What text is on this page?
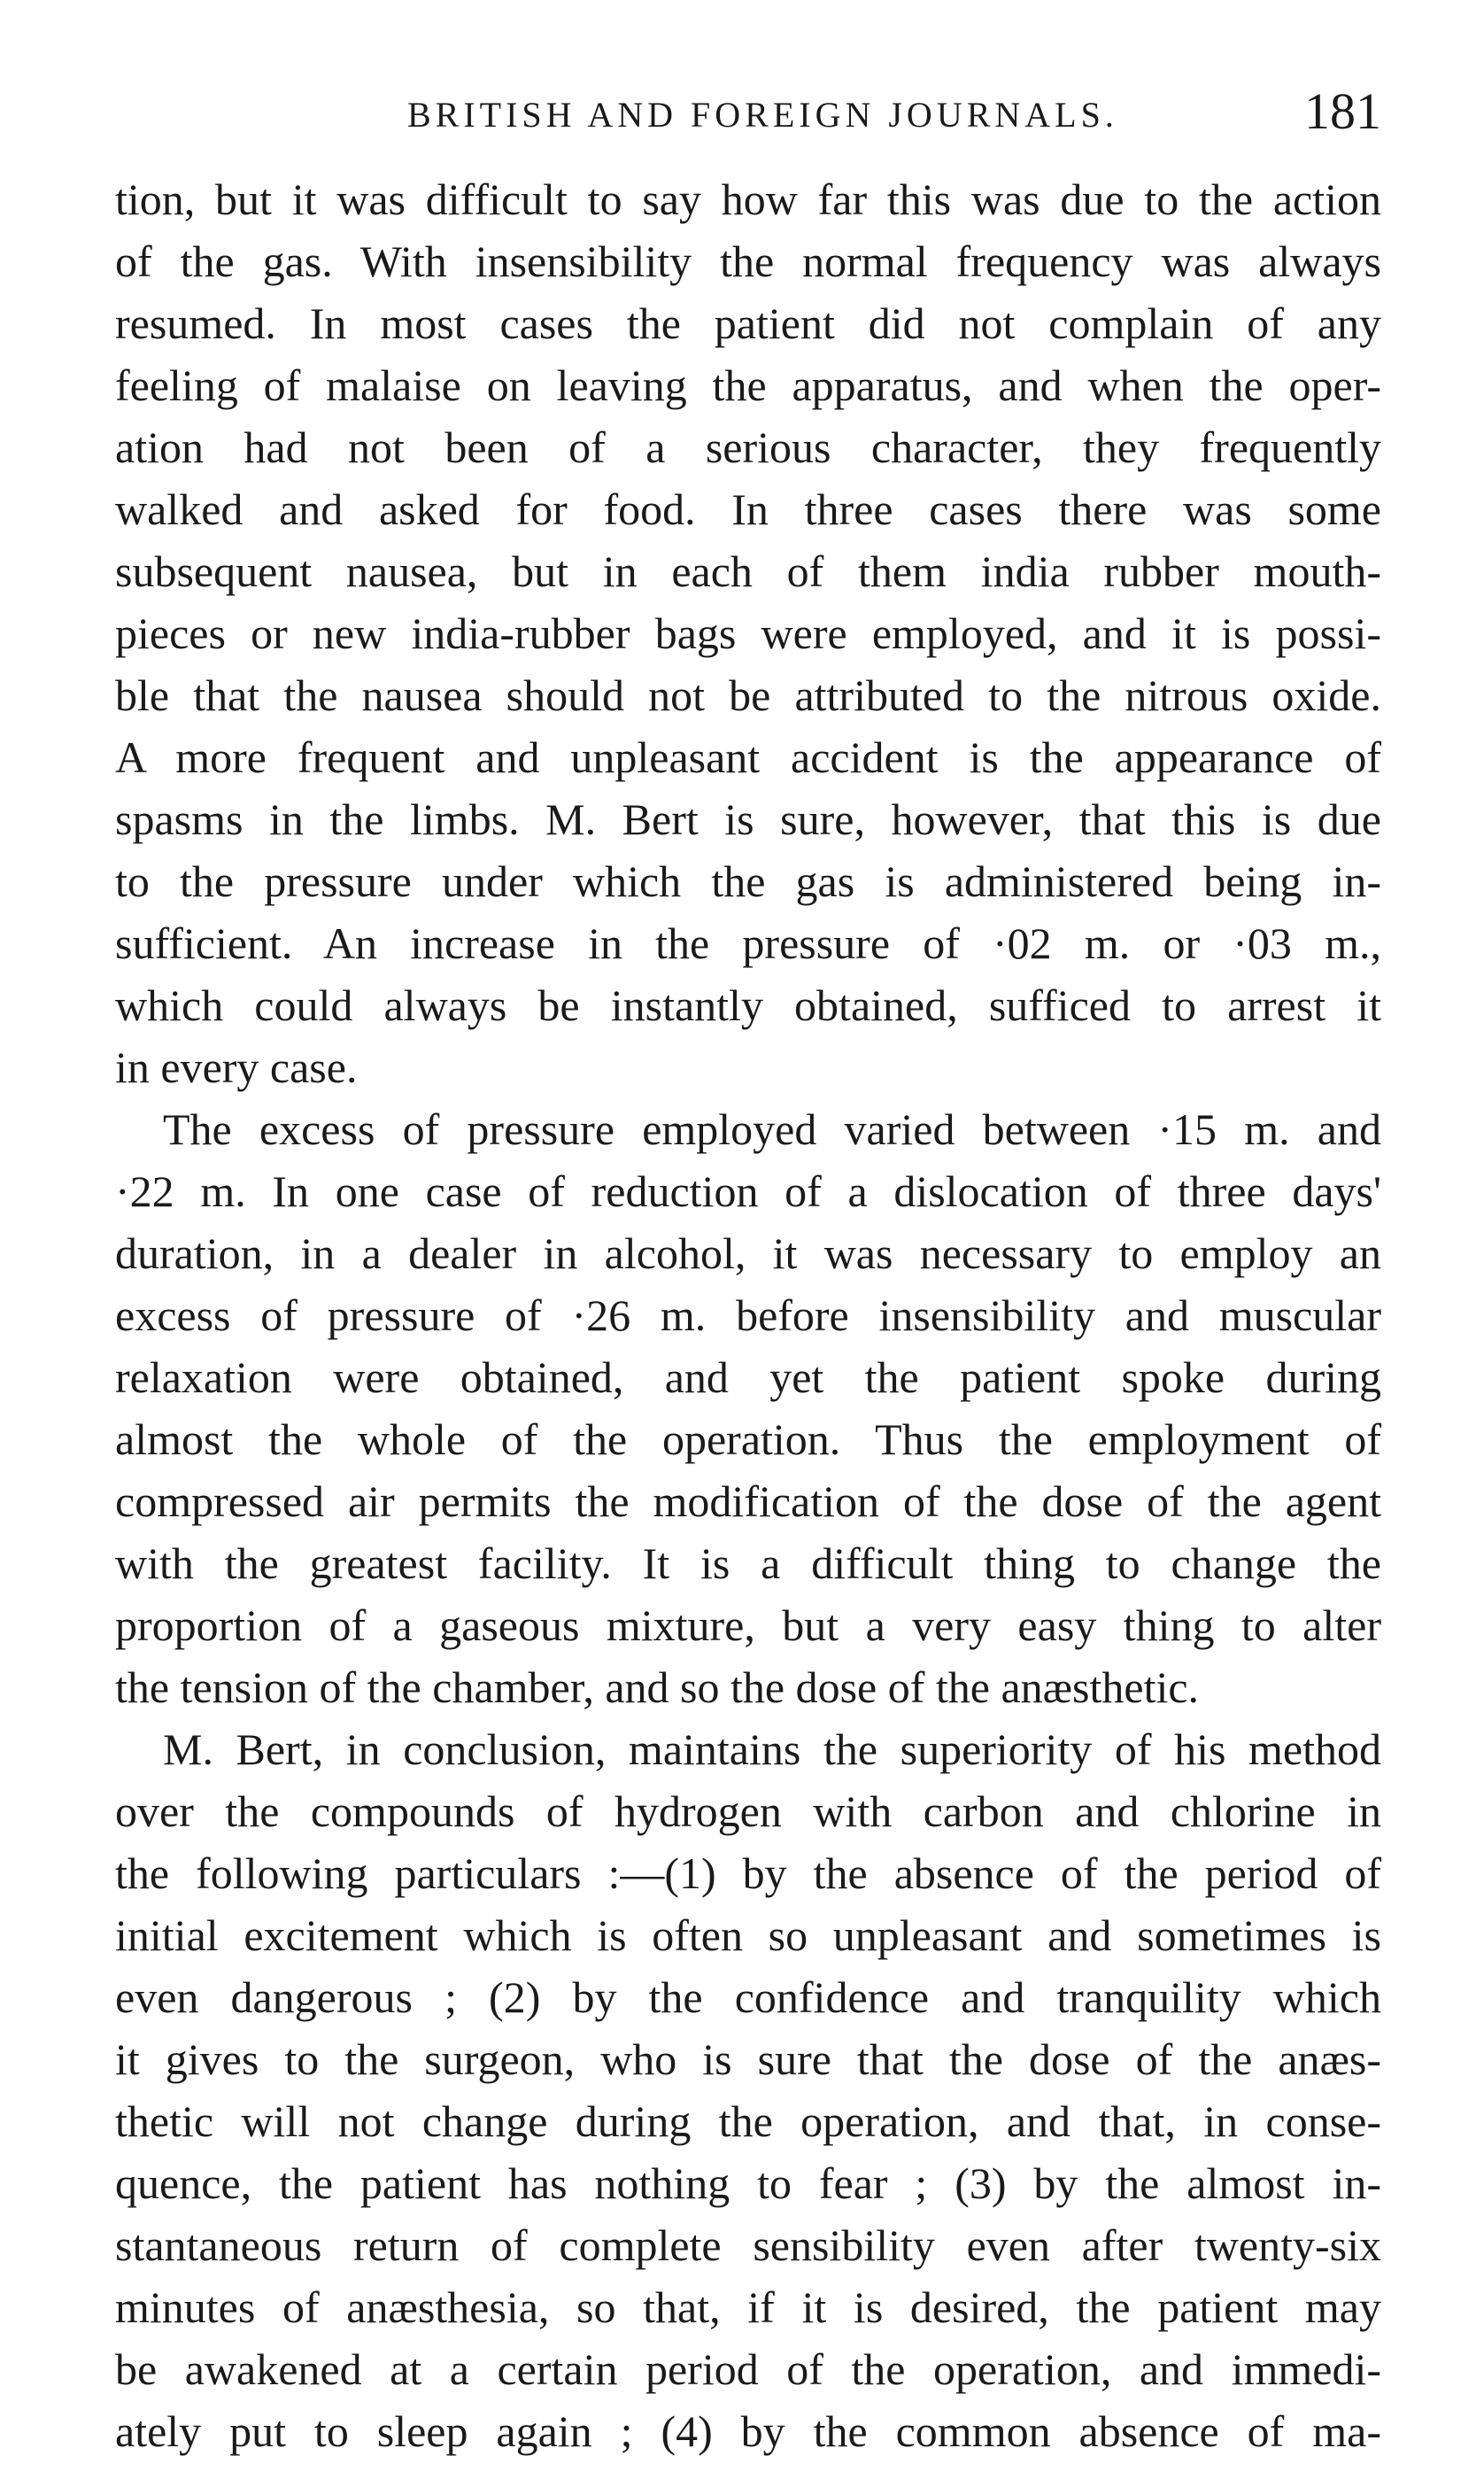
BRITISH AND FOREIGN JOURNALS.	181
tion, but it was difficult to say how far this was due to the action
of the gas. With insensibility the normal frequency was always
resumed. In most cases the patient did not complain of any
feeling of malaise on leaving the apparatus, and when the oper-
ation had not been of a serious character, they frequently
walked and asked for food. In three cases there was some
subsequent nausea, but in each of them india rubber mouth-
pieces or new india-rubber bags were employed, and it is possi-
ble that the nausea should not be attributed to the nitrous oxide.
A more frequent and unpleasant accident is the appearance of
spasms in the limbs. M. Bert is sure, however, that this is due
to the pressure under which the gas is administered being in-
sufficient. An increase in the pressure of ·02 m. or ·03 m.,
which could always be instantly obtained, sufficed to arrest it
in every case.
The excess of pressure employed varied between ·15 m. and
·22 m. In one case of reduction of a dislocation of three days'
duration, in a dealer in alcohol, it was necessary to employ an
excess of pressure of ·26 m. before insensibility and muscular
relaxation were obtained, and yet the patient spoke during
almost the whole of the operation. Thus the employment of
compressed air permits the modification of the dose of the agent
with the greatest facility. It is a difficult thing to change the
proportion of a gaseous mixture, but a very easy thing to alter
the tension of the chamber, and so the dose of the anæsthetic.
M. Bert, in conclusion, maintains the superiority of his method
over the compounds of hydrogen with carbon and chlorine in
the following particulars :—(1) by the absence of the period of
initial excitement which is often so unpleasant and sometimes is
even dangerous ; (2) by the confidence and tranquility which
it gives to the surgeon, who is sure that the dose of the anæs-
thetic will not change during the operation, and that, in conse-
quence, the patient has nothing to fear ; (3) by the almost in-
stantaneous return of complete sensibility even after twenty-six
minutes of anæsthesia, so that, if it is desired, the patient may
be awakened at a certain period of the operation, and immedi-
ately put to sleep again ; (4) by the common absence of ma-
